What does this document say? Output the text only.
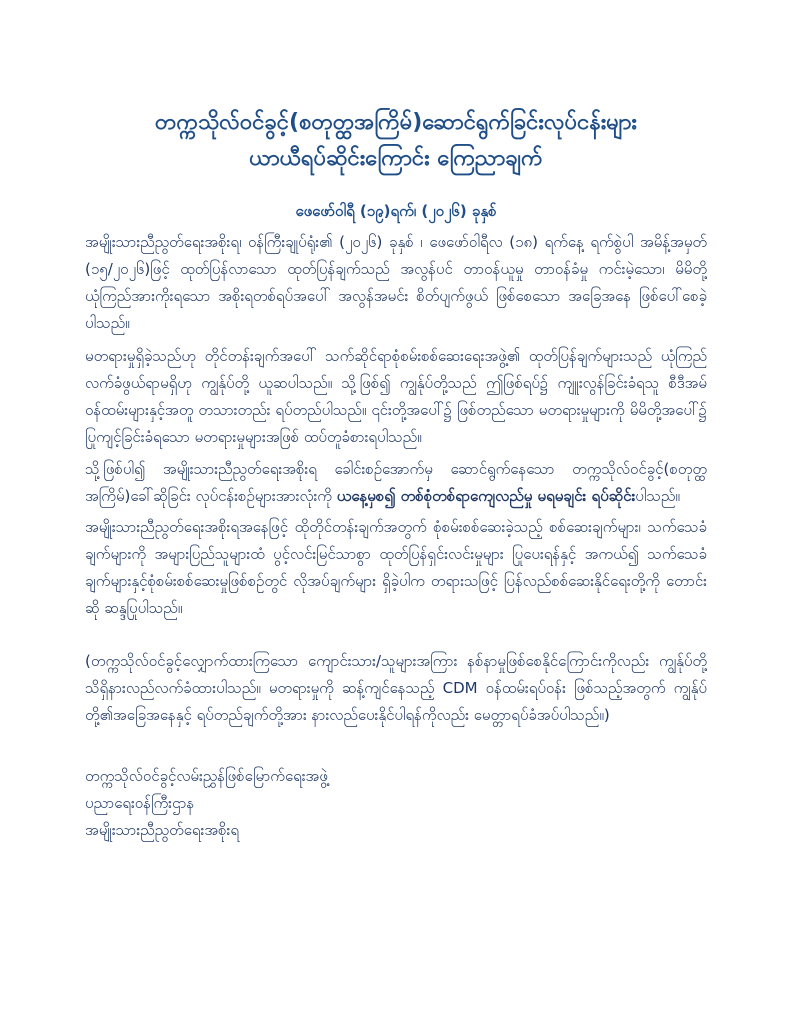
တက္ကသိုလ်ဝင်ခွင့်(စတုတ္ထအကြိမ်)ဆောင်ရွက်ခြင်းလုပ်ငန်းများ
ယာယီရပ်ဆိုင်းကြောင်း ကြေညာချက်
ဖေဖော်ဝါရီ (၁၉)ရက်၊ (၂၀၂၆) ခုနှစ်

အမျိုးသားညီညွတ်ရေးအစိုးရ၊ ဝန်ကြီးချုပ်ရုံး၏ (၂၀၂၆) ခုနှစ် ၊ ဖေဖော်ဝါရီလ (၁၈) ရက်နေ့ ရက်စွဲပါ အမိန့်အမှတ် (၁၅/၂၀၂၆)ဖြင့် ထုတ်ပြန်လာသော ထုတ်ပြန်ချက်သည် အလွန်ပင် တာဝန်ယူမှု တာဝန်ခံမှု ကင်းမဲ့သော၊ မိမိတို့ ယုံကြည်အားကိုးရသော အစိုးရတစ်ရပ်အပေါ် အလွန်အမင်း စိတ်ပျက်ဖွယ် ဖြစ်စေသော အခြေအနေ ဖြစ်ပေါ်စေခဲ့ပါသည်။

မတရားမှုရှိခဲ့သည်ဟု တိုင်တန်းချက်အပေါ် သက်ဆိုင်ရာစုံစမ်းစစ်ဆေးရေးအဖွဲ့၏ ထုတ်ပြန်ချက်များသည် ယုံကြည်လက်ခံဖွယ်ရာမရှိဟု ကျွန်ုပ်တို့ ယူဆပါသည်။ သို့ဖြစ်၍ ကျွန်ုပ်တို့သည် ဤဖြစ်ရပ်၌ ကျူးလွန်ခြင်းခံရသူ စီဒီအမ်ဝန်ထမ်းများနှင့်အတူ တသားတည်း ရပ်တည်ပါသည်။ ၎င်းတို့အပေါ်၌ ဖြစ်တည်သော မတရားမှုများကို မိမိတို့အပေါ်၌ ပြုကျင့်ခြင်းခံရသော မတရားမှုများအဖြစ် ထပ်တူခံစားရပါသည်။

သို့ဖြစ်ပါ၍ အမျိုးသားညီညွတ်ရေးအစိုးရ ခေါင်းစဉ်အောက်မှ ဆောင်ရွက်နေသော တက္ကသိုလ်ဝင်ခွင့်(စတုတ္ထအကြိမ်)ခေါ်ဆိုခြင်း လုပ်ငန်းစဉ်များအားလုံးကို ယနေ့မှစ၍ တစ်စုံတစ်ရာကျေလည်မှု မရမချင်း ရပ်ဆိုင်းပါသည်။

အမျိုးသားညီညွတ်ရေးအစိုးရအနေဖြင့် ထိုတိုင်တန်းချက်အတွက် စုံစမ်းစစ်ဆေးခဲ့သည့် စစ်ဆေးချက်များ၊ သက်သေခံချက်များကို အများပြည်သူများထံ ပွင့်လင်းမြင်သာစွာ ထုတ်ပြန်ရှင်းလင်းမှုများ ပြုပေးရန်နှင့် အကယ်၍ သက်သေခံချက်များနှင့်စုံစမ်းစစ်ဆေးမှုဖြစ်စဉ်တွင် လိုအပ်ချက်များ ရှိခဲ့ပါက တရားသဖြင့် ပြန်လည်စစ်ဆေးနိုင်ရေးတို့ကို တောင်းဆို ဆန္ဒပြုပါသည်။

(တက္ကသိုလ်ဝင်ခွင့်လျှောက်ထားကြသော ကျောင်းသား/သူများအကြား နစ်နာမှုဖြစ်စေနိုင်ကြောင်းကိုလည်း ကျွန်ုပ်တို့ သိရှိနားလည်လက်ခံထားပါသည်။ မတရားမှုကို ဆန့်ကျင်နေသည့် CDM ဝန်ထမ်းရပ်ဝန်း ဖြစ်သည့်အတွက် ကျွန်ုပ်တို့၏အခြေအနေနှင့် ရပ်တည်ချက်တို့အား နားလည်ပေးနိုင်ပါရန်ကိုလည်း မေတ္တာရပ်ခံအပ်ပါသည်။)

တက္ကသိုလ်ဝင်ခွင့်လမ်းညွှန်ဖြစ်မြောက်ရေးအဖွဲ့
ပညာရေးဝန်ကြီးဌာန
အမျိုးသားညီညွတ်ရေးအစိုးရ
